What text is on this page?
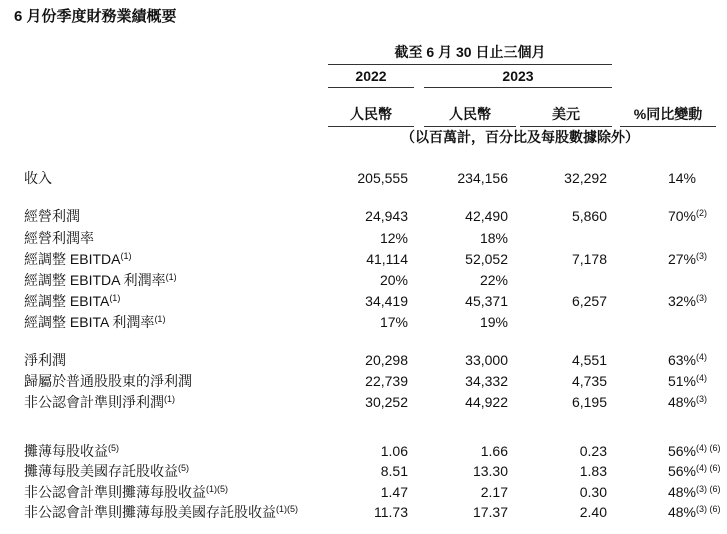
6 月份季度財務業績概要
截至 6 月 30 日止三個月
2022	2023
人民幣	人民幣	美元	%同比變動
（以百萬計，百分比及每股數據除外）
收入	205,555	234,156	32,292	14%
經營利潤	24,943	42,490	5,860	70% (2)
經營利潤率	12%	18%
經調整 EBITDA$^{(1)}$	41,114	52,052	7,178	27% (3)
經調整 EBITDA 利潤率$^{(1)}$	20%	22%
經調整 EBITA$^{(1)}$	34,419	45,371	6,257	32% (3)
經調整 EBITA 利潤率$^{(1)}$	17%	19%
淨利潤	20,298	33,000	4,551	63% (4)
歸屬於普通股股東的淨利潤	22,739	34,332	4,735	51% (4)
非公認會計準則淨利潤$^{(1)}$	30,252	44,922	6,195	48% (3)
攤薄每股收益$^{(5)}$	1.06	1.66	0.23	56% (4) (6)
攤薄每股美國存託股收益$^{(5)}$	8.51	13.30	1.83	56% (4) (6)
非公認會計準則攤薄每股收益$^{(1)(5)}$	1.47	2.17	0.30	48% (3) (6)
非公認會計準則攤薄每股美國存託股收益$^{(1)(5)}$	11.73	17.37	2.40	48% (3) (6)
